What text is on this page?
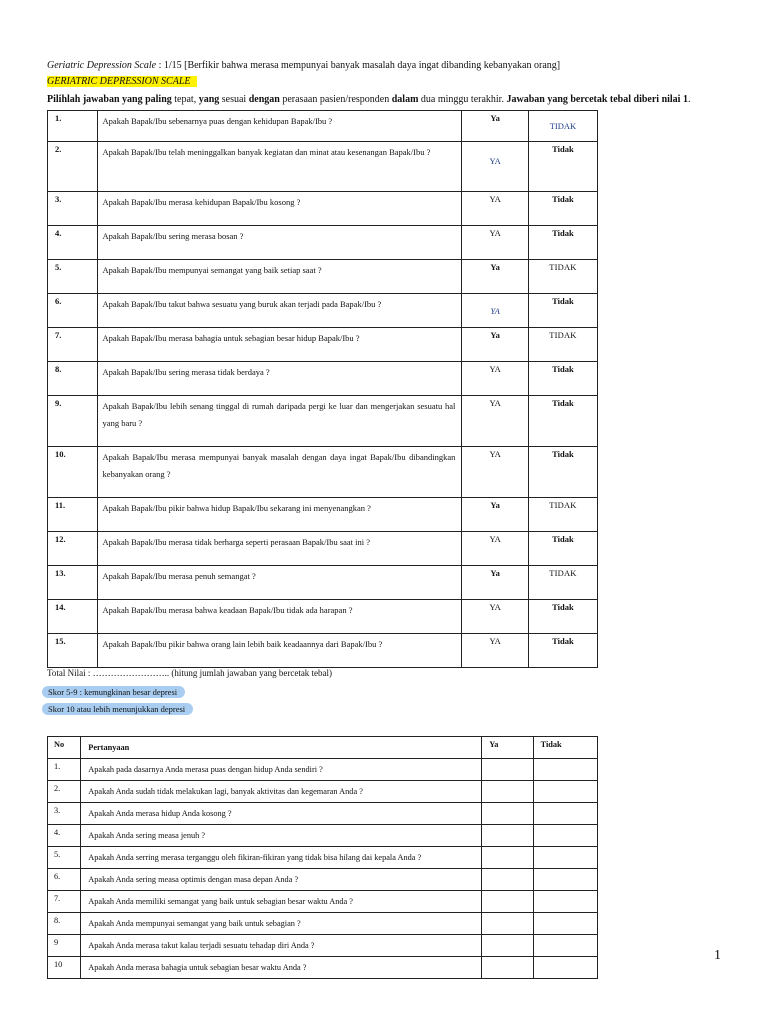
Geriatric Depression Scale : 1/15 [Berfikir bahwa merasa mempunyai banyak masalah daya ingat dibanding kebanyakan orang]
GERIATRIC DEPRESSION SCALE
Pilihlah jawaban yang paling tepat, yang sesuai dengan perasaan pasien/responden dalam dua minggu terakhir. Jawaban yang bercetak tebal diberi nilai 1.
1.	Apakah Bapak/Ibu sebenarnya puas dengan kehidupan Bapak/Ibu ?	Ya	TIDAK
2.	Apakah Bapak/Ibu telah meninggalkan banyak kegiatan dan minat atau kesenangan Bapak/Ibu ?	YA	Tidak
3.	Apakah Bapak/Ibu merasa kehidupan Bapak/Ibu kosong ?	YA	Tidak
4.	Apakah Bapak/Ibu sering merasa bosan ?	YA	Tidak
5.	Apakah Bapak/Ibu mempunyai semangat yang baik setiap saat ?	Ya	TIDAK
6.	Apakah Bapak/Ibu takut bahwa sesuatu yang buruk akan terjadi pada Bapak/Ibu ?	YA	Tidak
7.	Apakah Bapak/Ibu merasa bahagia untuk sebagian besar hidup Bapak/Ibu ?	Ya	TIDAK
8.	Apakah Bapak/Ibu sering merasa tidak berdaya ?	YA	Tidak
9.	Apakah Bapak/Ibu lebih senang tinggal di rumah daripada pergi ke luar dan mengerjakan sesuatu hal yang baru ?	YA	Tidak
10.	Apakah Bapak/Ibu merasa mempunyai banyak masalah dengan daya ingat Bapak/Ibu dibandingkan kebanyakan orang ?	YA	Tidak
11.	Apakah Bapak/Ibu pikir bahwa hidup Bapak/Ibu sekarang ini menyenangkan ?	Ya	TIDAK
12.	Apakah Bapak/Ibu merasa tidak berharga seperti perasaan Bapak/Ibu saat ini ?	YA	Tidak
13.	Apakah Bapak/Ibu merasa penuh semangat ?	Ya	TIDAK
14.	Apakah Bapak/Ibu merasa bahwa keadaan Bapak/Ibu tidak ada harapan ?	YA	Tidak
15.	Apakah Bapak/Ibu pikir bahwa orang lain lebih baik keadaannya dari Bapak/Ibu ?	YA	Tidak
Total Nilai : …………………….. (hitung jumlah jawaban yang bercetak tebal)
Skor 5-9 : kemungkinan besar depresi
Skor 10 atau lebih menunjukkan depresi
No	Pertanyaan	Ya	Tidak
1.	Apakah pada dasarnya Anda merasa puas dengan hidup Anda sendiri ?		
2.	Apakah Anda sudah tidak melakukan lagi, banyak aktivitas dan kegemaran Anda ?		
3.	Apakah Anda merasa hidup Anda kosong ?		
4.	Apakah Anda sering measa jenuh ?		
5.	Apakah Anda serring merasa terganggu oleh fikiran-fikiran yang tidak bisa hilang dai kepala Anda ?		
6.	Apakah Anda sering measa optimis dengan masa depan Anda ?		
7.	Apakah Anda memiliki semangat yang baik untuk sebagian besar waktu Anda ?		
8.	Apakah Anda mempunyai semangat yang baik untuk sebagian ?		
9	Apakah Anda merasa takut kalau terjadi sesuatu tehadap diri Anda ?		
10	Apakah Anda merasa bahagia untuk sebagian besar waktu Anda ?		
1
